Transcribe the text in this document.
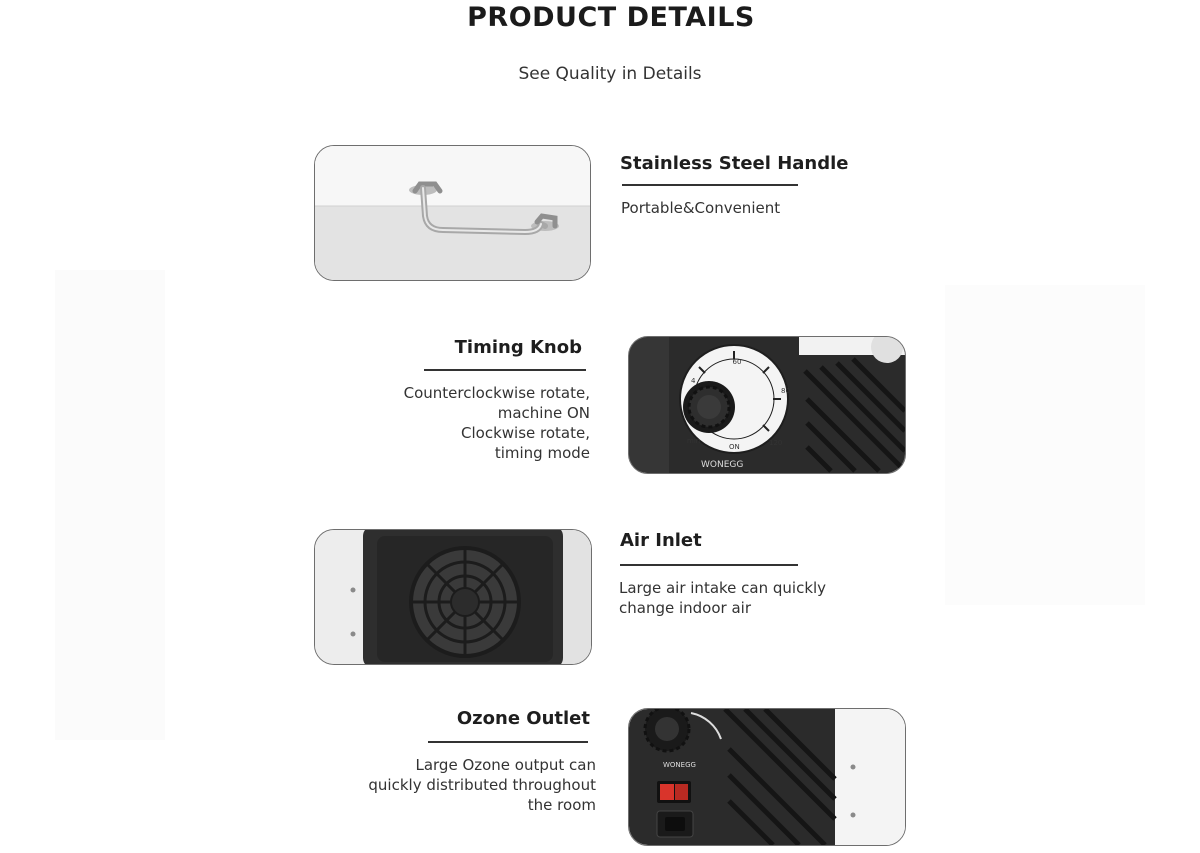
PRODUCT DETAILS
See Quality in Details
Stainless Steel Handle
Portable&Convenient
Timing Knob
Counterclockwise rotate,
machine ON
Clockwise rotate,
timing mode
60
4
80
min
ON	120
WONEGG
Air Inlet
Large air intake can quickly
change indoor air
Ozone Outlet
Large Ozone output can
quickly distributed throughout
the room
WONEGG
